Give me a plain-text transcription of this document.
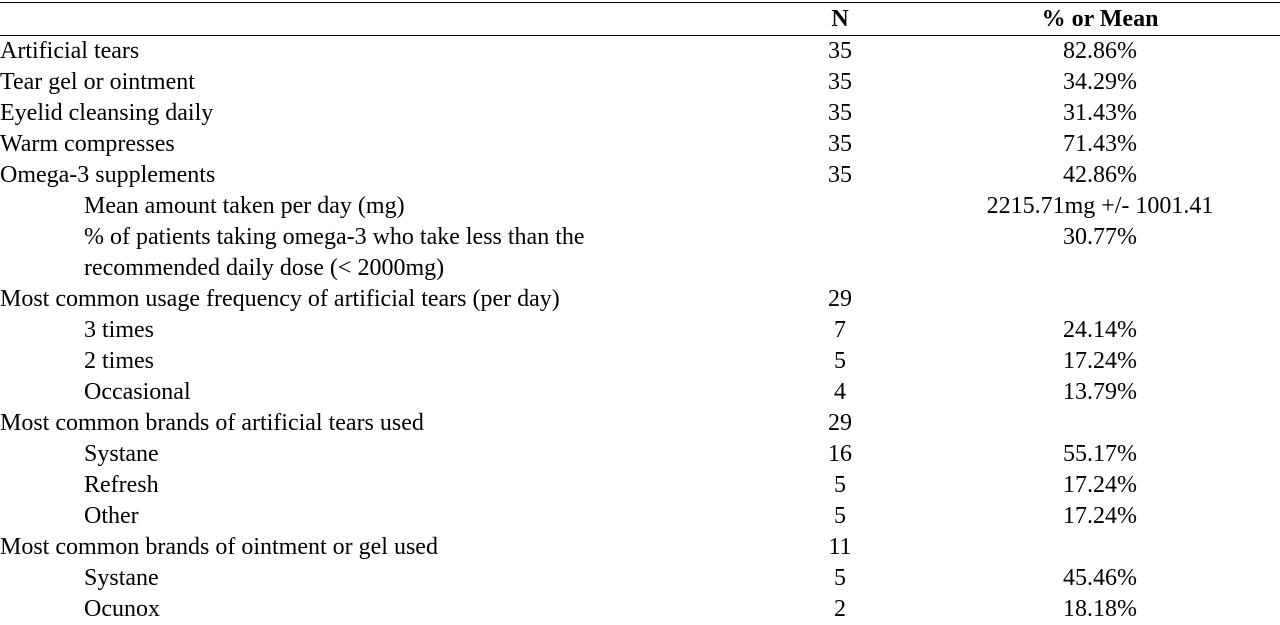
	N	% or Mean
Artificial tears	35	82.86%
Tear gel or ointment	35	34.29%
Eyelid cleansing daily	35	31.43%
Warm compresses	35	71.43%
Omega-3 supplements	35	42.86%
Mean amount taken per day (mg)		2215.71mg +/- 1001.41
% of patients taking omega-3 who take less than the
recommended daily dose (< 2000mg)		30.77%
Most common usage frequency of artificial tears (per day)	29	
3 times	7	24.14%
2 times	5	17.24%
Occasional	4	13.79%
Most common brands of artificial tears used	29	
Systane	16	55.17%
Refresh	5	17.24%
Other	5	17.24%
Most common brands of ointment or gel used	11	
Systane	5	45.46%
Ocunox	2	18.18%
